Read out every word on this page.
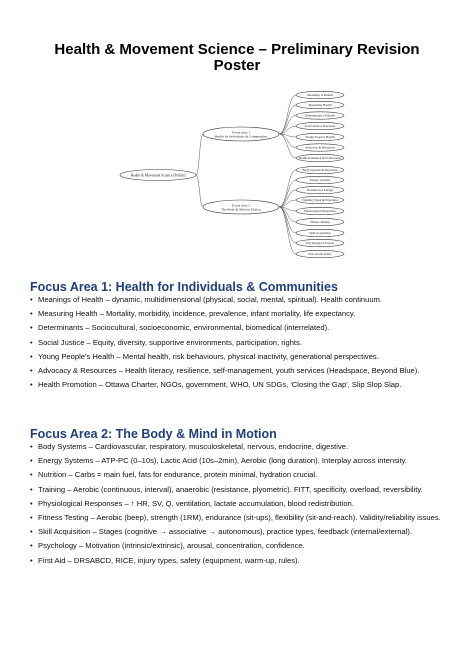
Health & Movement Science – Preliminary Revision Poster
Health & Movement Science (Prelim)
Focus Area 1
Health for Individuals & Communities
Meanings of Health
Measuring Health
Determinants of Health
Social Justice Principles
Young People's Health
Advocacy & Resources
Health Promotion & Frameworks
Focus Area 2
The Body & Mind in Motion
Body Systems & Structures
Energy Systems
Nutrition for Energy
Training Types & Principles
Physiological Responses
Fitness Testing
Skill Acquisition
Psychological Factors
First Aid & Safety
Focus Area 1: Health for Individuals & Communities
• Meanings of Health – dynamic, multidimensional (physical, social, mental, spiritual). Health continuum.
• Measuring Health – Mortality, morbidity, incidence, prevalence, infant mortality, life expectancy.
• Determinants – Sociocultural, socioeconomic, environmental, biomedical (interrelated).
• Social Justice – Equity, diversity, supportive environments, participation, rights.
• Young People's Health – Mental health, risk behaviours, physical inactivity, generational perspectives.
• Advocacy & Resources – Health literacy, resilience, self-management, youth services (Headspace, Beyond Blue).
• Health Promotion – Ottawa Charter, NGOs, government, WHO, UN SDGs, 'Closing the Gap', Slip Slop Slap.
Focus Area 2: The Body & Mind in Motion
• Body Systems – Cardiovascular, respiratory, musculoskeletal, nervous, endocrine, digestive.
• Energy Systems – ATP-PC (0–10s), Lactic Acid (10s–2min), Aerobic (long duration). Interplay across intensity.
• Nutrition – Carbs = main fuel, fats for endurance, protein minimal, hydration crucial.
• Training – Aerobic (continuous, interval), anaerobic (resistance, plyometric). FITT, specificity, overload, reversibility.
• Physiological Responses – ↑ HR, SV, Q, ventilation, lactate accumulation, blood redistribution.
• Fitness Testing – Aerobic (beep), strength (1RM), endurance (sit-ups), flexibility (sit-and-reach). Validity/reliability issues.
• Skill Acquisition – Stages (cognitive → associative → autonomous), practice types, feedback (internal/external).
• Psychology – Motivation (intrinsic/extrinsic), arousal, concentration, confidence.
• First Aid – DRSABCD, RICE, injury types, safety (equipment, warm-up, rules).
